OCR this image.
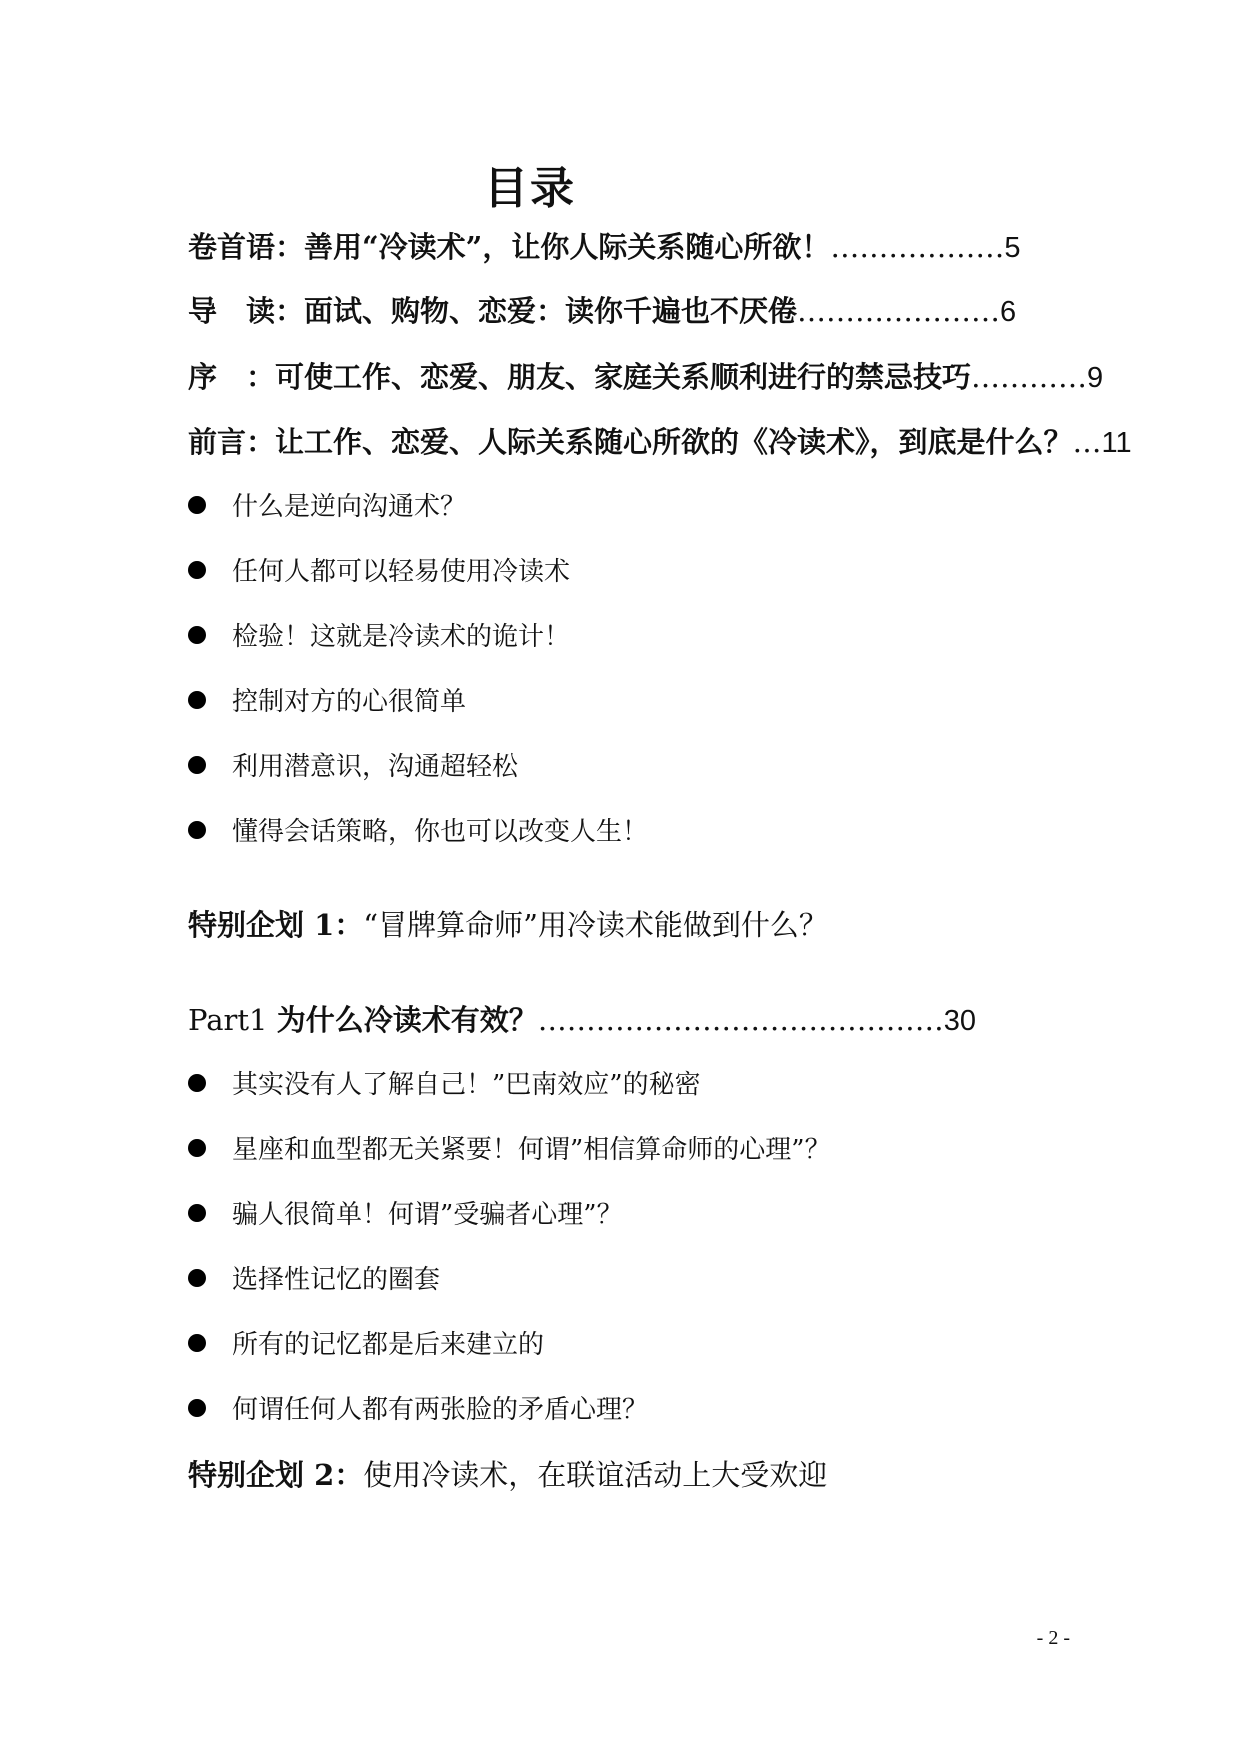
目录
卷首语：善用“冷读术”，让你人际关系随心所欲！………………5
导　读：面试、购物、恋爱：读你千遍也不厌倦…………………6
序　：可使工作、恋爱、朋友、家庭关系顺利进行的禁忌技巧…………9
前言：让工作、恋爱、人际关系随心所欲的《冷读术》，到底是什么？…11
什么是逆向沟通术？
任何人都可以轻易使用冷读术
检验！这就是冷读术的诡计！
控制对方的心很简单
利用潜意识，沟通超轻松
懂得会话策略，你也可以改变人生！
特别企划 1：“冒牌算命师”用冷读术能做到什么？
Part1 为什么冷读术有效？……………………………………30
其实没有人了解自己！”巴南效应”的秘密
星座和血型都无关紧要！何谓”相信算命师的心理”？
骗人很简单！何谓”受骗者心理”？
选择性记忆的圈套
所有的记忆都是后来建立的
何谓任何人都有两张脸的矛盾心理？
特别企划 2：使用冷读术，在联谊活动上大受欢迎
- 2 -
